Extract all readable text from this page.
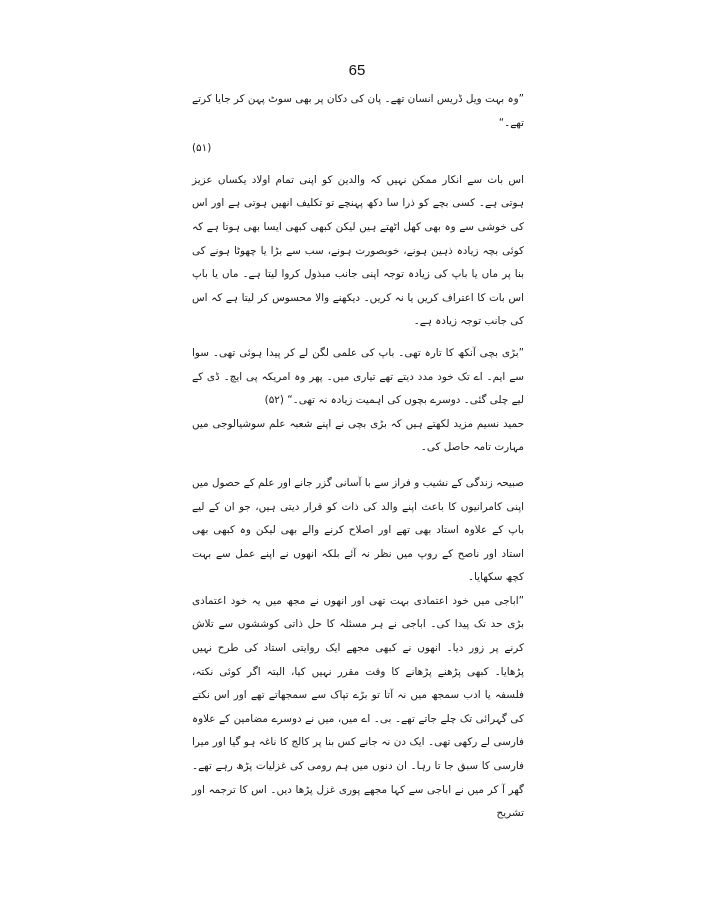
65

”وہ بہت ویل ڈریس انسان تھے۔ پان کی دکان پر بھی سوٹ پہن کر جایا کرتے تھے۔“
(۵۱)

اس بات سے انکار ممکن نہیں کہ والدین کو اپنی تمام اولاد یکساں عزیز ہوتی ہے۔ کسی بچے کو ذرا سا دکھ پہنچے تو تکلیف انھیں ہوتی ہے اور اس کی خوشی سے وہ بھی کھل اٹھتے ہیں لیکن کبھی کبھی ایسا بھی ہوتا ہے کہ کوئی بچہ زیادہ ذہین ہونے، خوبصورت ہونے، سب سے بڑا یا چھوٹا ہونے کی بنا پر ماں یا باپ کی زیادہ توجہ اپنی جانب مبذول کروا لیتا ہے۔ ماں یا باپ اس بات کا اعتراف کریں یا نہ کریں۔ دیکھنے والا محسوس کر لیتا ہے کہ اس کی جانب توجہ زیادہ ہے۔

”بڑی بچی آنکھ کا تارہ تھی۔ باپ کی علمی لگن لے کر پیدا ہوئی تھی۔ سوا سے ایم۔ اے تک خود مدد دیتے تھے تیاری میں۔ پھر وہ امریکہ پی ایچ۔ ڈی کے لیے چلی گئی۔ دوسرے بچوں کی اہمیت زیادہ نہ تھی۔“ (۵۲)

حمید نسیم مزید لکھتے ہیں کہ بڑی بچی نے اپنے شعبہ علم سوشیالوجی میں مہارت تامہ حاصل کی۔

صبیحہ زندگی کے نشیب و فراز سے با آسانی گزر جانے اور علم کے حصول میں اپنی کامرانیوں کا باعث اپنے والد کی ذات کو قرار دیتی ہیں، جو ان کے لیے باپ کے علاوہ استاد بھی تھے اور اصلاح کرنے والے بھی لیکن وہ کبھی بھی استاد اور ناصح کے روپ میں نظر نہ آئے بلکہ انھوں نے اپنے عمل سے بہت کچھ سکھایا۔

”اباجی میں خود اعتمادی بہت تھی اور انھوں نے مجھ میں یہ خود اعتمادی بڑی حد تک پیدا کی۔ اباجی نے ہر مسئلہ کا حل ذاتی کوششوں سے تلاش کرنے پر زور دیا۔ انھوں نے کبھی مجھے ایک روایتی استاد کی طرح نہیں پڑھایا۔ کبھی پڑھنے پڑھانے کا وقت مقرر نہیں کیا، البتہ اگر کوئی نکتہ، فلسفہ یا ادب سمجھ میں نہ آتا تو بڑے تپاک سے سمجھاتے تھے اور اس نکتے کی گہرائی تک چلے جاتے تھے۔ بی۔ اے میں، میں نے دوسرے مضامین کے علاوہ فارسی لے رکھی تھی۔ ایک دن نہ جانے کس بنا پر کالج کا ناغہ ہو گیا اور میرا فارسی کا سبق جا تا رہا۔ ان دنوں میں ہم رومی کی غزلیات پڑھ رہے تھے۔ گھر آ کر میں نے اباجی سے کہا مجھے پوری غزل پڑھا دیں۔ اس کا ترجمہ اور تشریح
